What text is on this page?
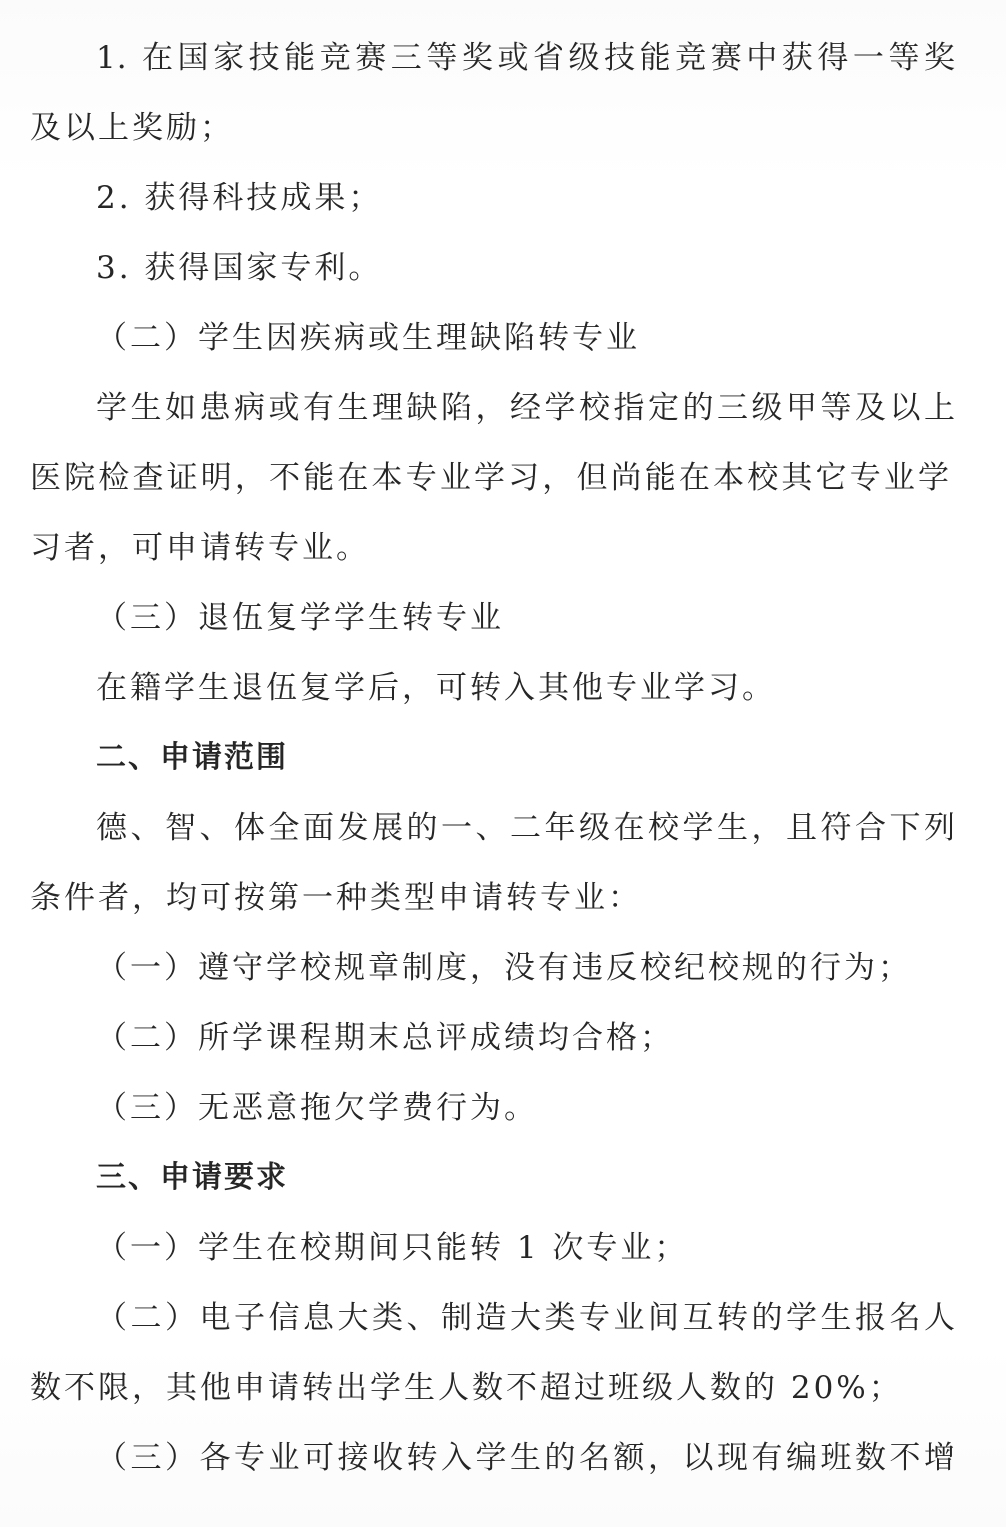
1. 在国家技能竞赛三等奖或省级技能竞赛中获得一等奖
及以上奖励；
2. 获得科技成果；
3. 获得国家专利。
（二）学生因疾病或生理缺陷转专业
学生如患病或有生理缺陷，经学校指定的三级甲等及以上
医院检查证明，不能在本专业学习，但尚能在本校其它专业学
习者，可申请转专业。
（三）退伍复学学生转专业
在籍学生退伍复学后，可转入其他专业学习。
二、申请范围
德、智、体全面发展的一、二年级在校学生，且符合下列
条件者，均可按第一种类型申请转专业：
（一）遵守学校规章制度，没有违反校纪校规的行为；
（二）所学课程期末总评成绩均合格；
（三）无恶意拖欠学费行为。
三、申请要求
（一）学生在校期间只能转 1 次专业；
（二）电子信息大类、制造大类专业间互转的学生报名人
数不限，其他申请转出学生人数不超过班级人数的 20%；
（三）各专业可接收转入学生的名额，以现有编班数不增
